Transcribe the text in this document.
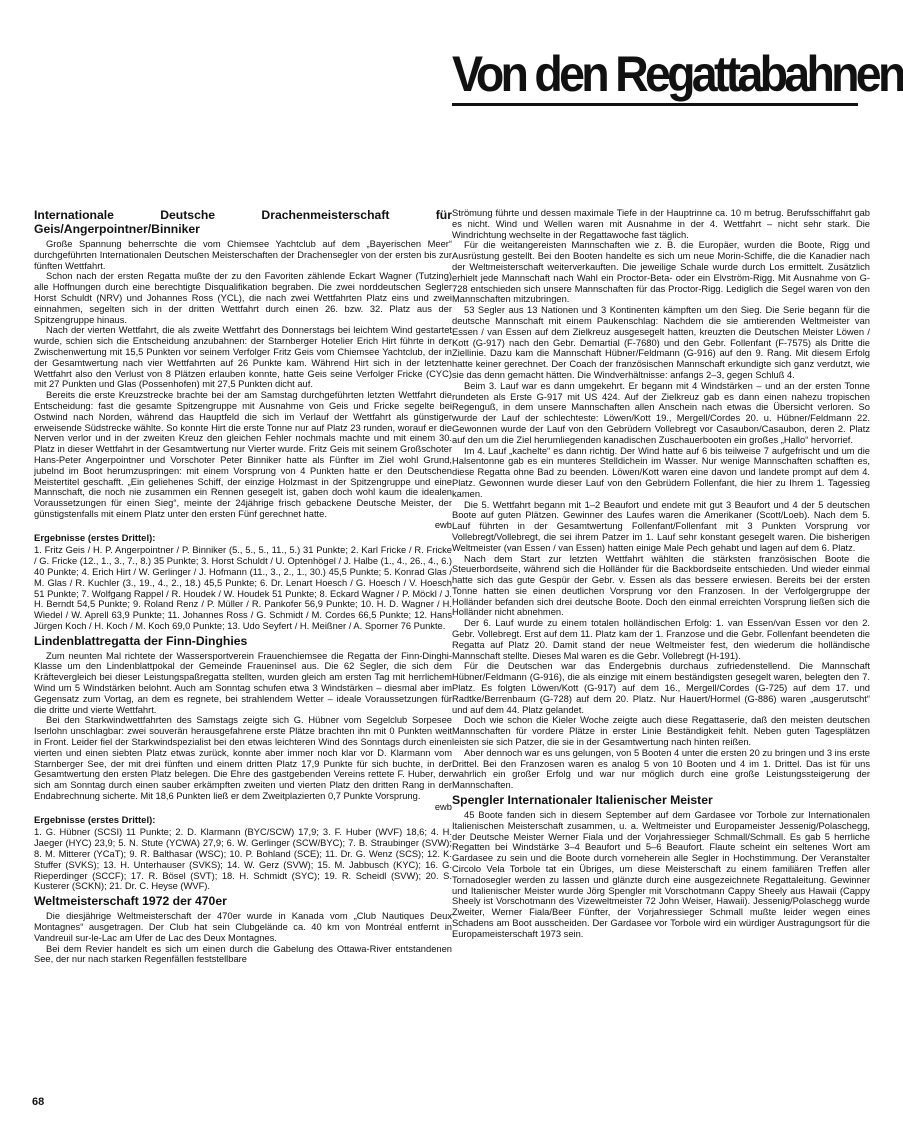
Von den Regattabahnen
Internationale Deutsche Drachenmeisterschaft für Geis/Angerpointner/Binniker

Große Spannung beherrschte die vom Chiemsee Yachtclub auf dem „Bayerischen Meer“ durchgeführten Internationalen Deutschen Meisterschaften der Drachensegler von der ersten bis zur fünften Wettfahrt.

Schon nach der ersten Regatta mußte der zu den Favoriten zählende Eckart Wagner (Tutzing) alle Hoffnungen durch eine berechtigte Disqualifikation begraben. Die zwei norddeutschen Segler Horst Schuldt (NRV) und Johannes Ross (YCL), die nach zwei Wettfahrten Platz eins und zwei einnahmen, segelten sich in der dritten Wettfahrt durch einen 26. bzw. 32. Platz aus der Spitzengruppe hinaus.

Nach der vierten Wettfahrt, die als zweite Wettfahrt des Donnerstags bei leichtem Wind gestartet wurde, schien sich die Entscheidung anzubahnen: der Starnberger Hotelier Erich Hirt führte in der Zwischenwertung mit 15,5 Punkten vor seinem Verfolger Fritz Geis vom Chiemsee Yachtclub, der in der Gesamtwertung nach vier Wettfahrten auf 26 Punkte kam. Während Hirt sich in der letzten Wettfahrt also den Verlust von 8 Plätzen erlauben konnte, hatte Geis seine Verfolger Fricke (CYC) mit 27 Punkten und Glas (Possenhofen) mit 27,5 Punkten dicht auf.

Bereits die erste Kreuzstrecke brachte bei der am Samstag durchgeführten letzten Wettfahrt die Entscheidung: fast die gesamte Spitzengruppe mit Ausnahme von Geis und Fricke segelte bei Ostwind nach Norden, während das Hauptfeld die sich im Verlauf der Wettfahrt als günstiger erweisende Südstrecke wählte. So konnte Hirt die erste Tonne nur auf Platz 23 runden, worauf er die Nerven verlor und in der zweiten Kreuz den gleichen Fehler nochmals machte und mit einem 30. Platz in dieser Wettfahrt in der Gesamtwertung nur Vierter wurde. Fritz Geis mit seinem Großschoter Hans-Peter Angerpointner und Vorschoter Peter Binniker hatte als Fünfter im Ziel wohl Grund, jubelnd im Boot herumzuspringen: mit einem Vorsprung von 4 Punkten hatte er den Deutschen Meistertitel geschafft. „Ein geliehenes Schiff, der einzige Holzmast in der Spitzengruppe und eine Mannschaft, die noch nie zusammen ein Rennen gesegelt ist, gaben doch wohl kaum die idealen Voraussetzungen für einen Sieg“, meinte der 24jährige frisch gebackene Deutsche Meister, der günstigstenfalls mit einem Platz unter den ersten Fünf gerechnet hatte.

ewb
Ergebnisse (erstes Drittel):

1. Fritz Geis / H. P. Angerpointner / P. Binniker (5., 5., 5., 11., 5.) 31 Punkte; 2. Karl Fricke / R. Fricke / G. Fricke (12., 1., 3., 7., 8.) 35 Punkte; 3. Horst Schuldt / U. Optenhögel / J. Halbe (1., 4., 26., 4., 6.) 40 Punkte; 4. Erich Hirt / W. Gerlinger / J. Hofmann (11., 3., 2., 1., 30.) 45,5 Punkte; 5. Konrad Glas / M. Glas / R. Kuchler (3., 19., 4., 2., 18.) 45,5 Punkte; 6. Dr. Lenart Hoesch / G. Hoesch / V. Hoesch 51 Punkte; 7. Wolfgang Rappel / R. Houdek / W. Houdek 51 Punkte; 8. Eckard Wagner / P. Möckl / J. H. Berndt 54,5 Punkte; 9. Roland Renz / P. Müller / R. Pankofer 56,9 Punkte; 10. H. D. Wagner / H. Wiedel / W. Aprell 63,9 Punkte; 11. Johannes Ross / G. Schmidt / M. Cordes 66,5 Punkte; 12. Hans Jürgen Koch / H. Koch / M. Koch 69,0 Punkte; 13. Udo Seyfert / H. Meißner / A. Sporner 76 Punkte.

Lindenblattregatta der Finn-Dinghies

Zum neunten Mal richtete der Wassersportverein Frauenchiemsee die Regatta der Finn-Dinghi-Klasse um den Lindenblattpokal der Gemeinde Fraueninsel aus. Die 62 Segler, die sich dem Kräftevergleich bei dieser Leistungspaßregatta stellten, wurden gleich am ersten Tag mit herrlichem Wind um 5 Windstärken belohnt. Auch am Sonntag schufen etwa 3 Windstärken – diesmal aber im Gegensatz zum Vortag, an dem es regnete, bei strahlendem Wetter – ideale Voraussetzungen für die dritte und vierte Wettfahrt.

Bei den Starkwindwettfahrten des Samstags zeigte sich G. Hübner vom Segelclub Sorpesee Iserlohn unschlagbar: zwei souverän herausgefahrene erste Plätze brachten ihn mit 0 Punkten weit in Front. Leider fiel der Starkwindspezialist bei den etwas leichteren Wind des Sonntags durch einen vierten und einen siebten Platz etwas zurück, konnte aber immer noch klar vor D. Klarmann vom Starnberger See, der mit drei fünften und einem dritten Platz 17,9 Punkte für sich buchte, in der Gesamtwertung den ersten Platz belegen. Die Ehre des gastgebenden Vereins rettete F. Huber, der sich am Sonntag durch einen sauber erkämpften zweiten und vierten Platz den dritten Rang in der Endabrechnung sicherte. Mit 18,6 Punkten ließ er dem Zweitplazierten 0,7 Punkte Vorsprung.

ewb
Ergebnisse (erstes Drittel):

1. G. Hübner (SCSI) 11 Punkte; 2. D. Klarmann (BYC/SCW) 17,9; 3. F. Huber (WVF) 18,6; 4. H. Jaeger (HYC) 23,9; 5. N. Stute (YCWA) 27,9; 6. W. Gerlinger (SCW/BYC); 7. B. Straubinger (SVW); 8. M. Mitterer (YCaT); 9. R. Balthasar (WSC); 10. P. Bohland (SCE); 11. Dr. G. Wenz (SCS); 12. K. Stuffer (SVKS); 13. H. Unterhauser (SVKS); 14. W. Gerz (SVW); 15. M. Jabbusch (KYC); 16. G. Rieperdinger (SCCF); 17. R. Bösel (SVT); 18. H. Schmidt (SYC); 19. R. Scheidl (SVW); 20. S. Kusterer (SCKN); 21. Dr. C. Heyse (WVF).

Weltmeisterschaft 1972 der 470er

Die diesjährige Weltmeisterschaft der 470er wurde in Kanada vom „Club Nautiques Deux Montagnes“ ausgetragen. Der Club hat sein Clubgelände ca. 40 km von Montréal entfernt in Vandreuil sur-le-Lac am Ufer de Lac des Deux Montagnes.

Bei dem Revier handelt es sich um einen durch die Gabelung des Ottawa-River entstandenen See, der nur nach starken Regenfällen feststellbare

Strömung führte und dessen maximale Tiefe in der Hauptrinne ca. 10 m betrug. Berufsschiffahrt gab es nicht. Wind und Wellen waren mit Ausnahme in der 4. Wettfahrt – nicht sehr stark. Die Windrichtung wechselte in der Regattawoche fast täglich.

Für die weitangereisten Mannschaften wie z. B. die Europäer, wurden die Boote, Rigg und Ausrüstung gestellt. Bei den Booten handelte es sich um neue Morin-Schiffe, die die Kanadier nach der Weltmeisterschaft weiterverkauften. Die jeweilige Schale wurde durch Los ermittelt. Zusätzlich erhielt jede Mannschaft nach Wahl ein Proctor-Beta- oder ein Elvström-Rigg. Mit Ausnahme von G-728 entschieden sich unsere Mannschaften für das Proctor-Rigg. Lediglich die Segel waren von den Mannschaften mitzubringen.

53 Segler aus 13 Nationen und 3 Kontinenten kämpften um den Sieg. Die Serie begann für die deutsche Mannschaft mit einem Paukenschlag: Nachdem die sie amtierenden Weltmeister van Essen / van Essen auf dem Zielkreuz ausgesegelt hatten, kreuzten die Deutschen Meister Löwen / Kott (G-917) nach den Gebr. Demartial (F-7680) und den Gebr. Follenfant (F-7575) als Dritte die Ziellinie. Dazu kam die Mannschaft Hübner/Feldmann (G-916) auf den 9. Rang. Mit diesem Erfolg hatte keiner gerechnet. Der Coach der französischen Mannschaft erkundigte sich ganz verdutzt, wie sie das denn gemacht hätten. Die Windverhältnisse: anfangs 2–3, gegen Schluß 4.

Beim 3. Lauf war es dann umgekehrt. Er begann mit 4 Windstärken – und an der ersten Tonne rundeten als Erste G-917 mit US 424. Auf der Zielkreuz gab es dann einen nahezu tropischen Regenguß, in dem unsere Mannschaften allen Anschein nach etwas die Übersicht verloren. So wurde der Lauf der schlechteste: Löwen/Kott 19., Mergell/Cordes 20. u. Hübner/Feldmann 22. Gewonnen wurde der Lauf von den Gebrüdern Vollebregt vor Casaubon/Casaubon, deren 2. Platz auf den um die Ziel herumliegenden kanadischen Zuschauerbooten ein großes „Hallo“ hervorrief.

Im 4. Lauf „kachelte“ es dann richtig. Der Wind hatte auf 6 bis teilweise 7 aufgefrischt und um die Halsentonne gab es ein munteres Stelldichein im Wasser. Nur wenige Mannschaften schafften es, diese Regatta ohne Bad zu beenden. Löwen/Kott waren eine davon und landete prompt auf dem 4. Platz. Gewonnen wurde dieser Lauf von den Gebrüdern Follenfant, die hier zu Ihrem 1. Tagessieg kamen.

Die 5. Wettfahrt begann mit 1–2 Beaufort und endete mit gut 3 Beaufort und 4 der 5 deutschen Boote auf guten Plätzen. Gewinner des Laufes waren die Amerikaner (Scott/Loeb). Nach dem 5. Lauf führten in der Gesamtwertung Follenfant/Follenfant mit 3 Punkten Vorsprung vor Vollebregt/Vollebregt, die sei ihrem Patzer im 1. Lauf sehr konstant gesegelt waren. Die bisherigen Weltmeister (van Essen / van Essen) hatten einige Male Pech gehabt und lagen auf dem 6. Platz.

Nach dem Start zur letzten Wettfahrt wählten die stärksten französischen Boote die Steuerbordseite, während sich die Holländer für die Backbordseite entschieden. Und wieder einmal hatte sich das gute Gespür der Gebr. v. Essen als das bessere erwiesen. Bereits bei der ersten Tonne hatten sie einen deutlichen Vorsprung vor den Franzosen. In der Verfolgergruppe der Holländer befanden sich drei deutsche Boote. Doch den einmal erreichten Vorsprung ließen sich die Holländer nicht abnehmen.

Der 6. Lauf wurde zu einem totalen holländischen Erfolg: 1. van Essen/van Essen vor den 2. Gebr. Vollebregt. Erst auf dem 11. Platz kam der 1. Franzose und die Gebr. Follenfant beendeten die Regatta auf Platz 20. Damit stand der neue Weltmeister fest, den wiederum die holländische Mannschaft stellte. Dieses Mal waren es die Gebr. Vollebregt (H-191).

Für die Deutschen war das Endergebnis durchaus zufriedenstellend. Die Mannschaft Hübner/Feldmann (G-916), die als einzige mit einem beständigsten gesegelt waren, belegten den 7. Platz. Es folgten Löwen/Kott (G-917) auf dem 16., Mergell/Cordes (G-725) auf dem 17. und Radtke/Berrenbaum (G-728) auf dem 20. Platz. Nur Hauert/Hormel (G-886) waren „ausgerutscht“ und auf dem 44. Platz gelandet.

Doch wie schon die Kieler Woche zeigte auch diese Regattaserie, daß den meisten deutschen Mannschaften für vordere Plätze in erster Linie Beständigkeit fehlt. Neben guten Tagesplätzen leisten sie sich Patzer, die sie in der Gesamtwertung nach hinten reißen.

Aber dennoch war es uns gelungen, von 5 Booten 4 unter die ersten 20 zu bringen und 3 ins erste Drittel. Bei den Franzosen waren es analog 5 von 10 Booten und 4 im 1. Drittel. Das ist für uns wahrlich ein großer Erfolg und war nur möglich durch eine große Leistungssteigerung der Mannschaften.

Spengler Internationaler Italienischer Meister

45 Boote fanden sich in diesem September auf dem Gardasee vor Torbole zur Internationalen Italienischen Meisterschaft zusammen, u. a. Weltmeister und Europameister Jessenig/Polaschegg, der Deutsche Meister Werner Fiala und der Vorjahressieger Schmall/Schmall. Es gab 5 herrliche Regatten bei Windstärke 3–4 Beaufort und 5–6 Beaufort. Flaute scheint ein seltenes Wort am Gardasee zu sein und die Boote durch vorneherein alle Segler in Hochstimmung. Der Veranstalter Circolo Vela Torbole tat ein Übriges, um diese Meisterschaft zu einem familiären Treffen aller Tornadosegler werden zu lassen und glänzte durch eine ausgezeichnete Regattaleitung. Gewinner und Italienischer Meister wurde Jörg Spengler mit Vorschotmann Cappy Sheely aus Hawaii (Cappy Sheely ist Vorschotmann des Vizeweltmeister 72 John Weiser, Hawaii). Jessenig/Polaschegg wurde Zweiter, Werner Fiala/Beer Fünfter, der Vorjahressieger Schmall mußte leider wegen eines Schadens am Boot ausscheiden. Der Gardasee vor Torbole wird ein würdiger Austragungsort für die Europameisterschaft 1973 sein.

68
